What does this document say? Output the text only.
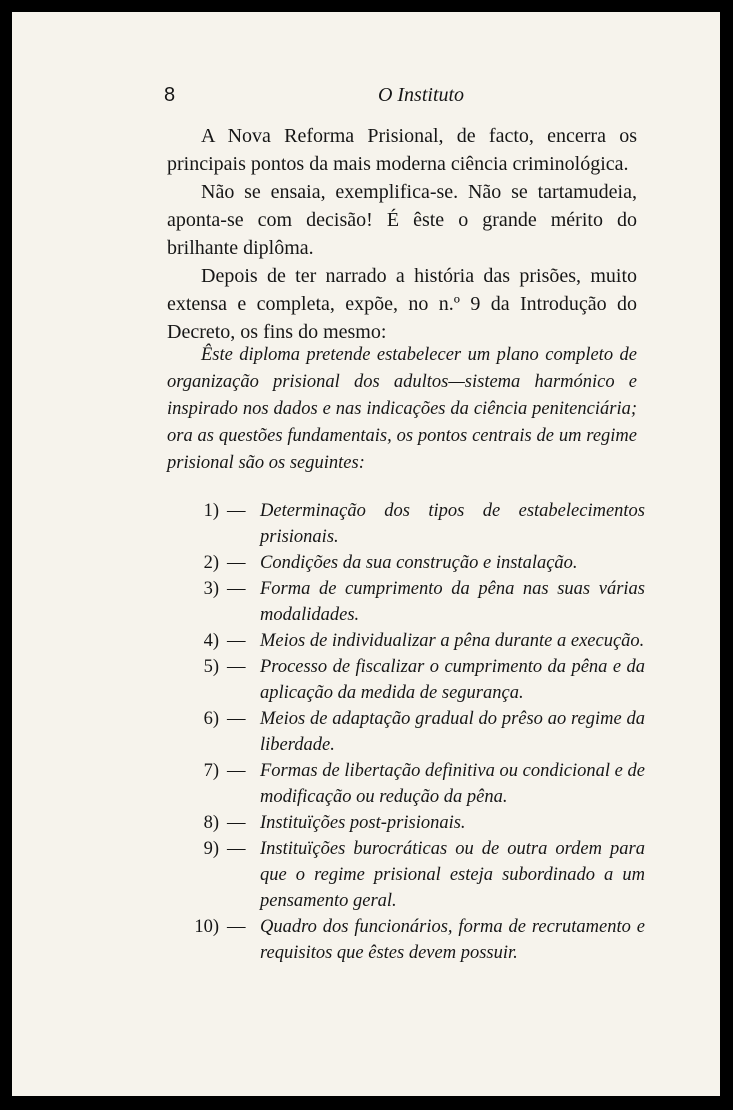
8	O Instituto

A Nova Reforma Prisional, de facto, encerra os principais pontos da mais moderna ciência criminológica.

Não se ensaia, exemplifica-se. Não se tartamudeia, aponta-se com decisão! É êste o grande mérito do brilhante diplôma.

Depois de ter narrado a história das prisões, muito extensa e completa, expõe, no n.º 9 da Introdução do Decreto, os fins do mesmo:

Êste diploma pretende estabelecer um plano completo de organização prisional dos adultos—sistema harmónico e inspirado nos dados e nas indicações da ciência penitenciária; ora as questões fundamentais, os pontos centrais de um regime prisional são os seguintes:

1) — Determinação dos tipos de estabelecimentos prisionais.
2) — Condições da sua construção e instalação.
3) — Forma de cumprimento da pêna nas suas várias modalidades.
4) — Meios de individualizar a pêna durante a execução.
5) — Processo de fiscalizar o cumprimento da pêna e da aplicação da medida de segurança.
6) — Meios de adaptação gradual do prêso ao regime da liberdade.
7) — Formas de libertação definitiva ou condicional e de modificação ou redução da pêna.
8) — Instituïções post-prisionais.
9) — Instituïções burocráticas ou de outra ordem para que o regime prisional esteja subordinado a um pensamento geral.
10) — Quadro dos funcionários, forma de recrutamento e requisitos que êstes devem possuir.
